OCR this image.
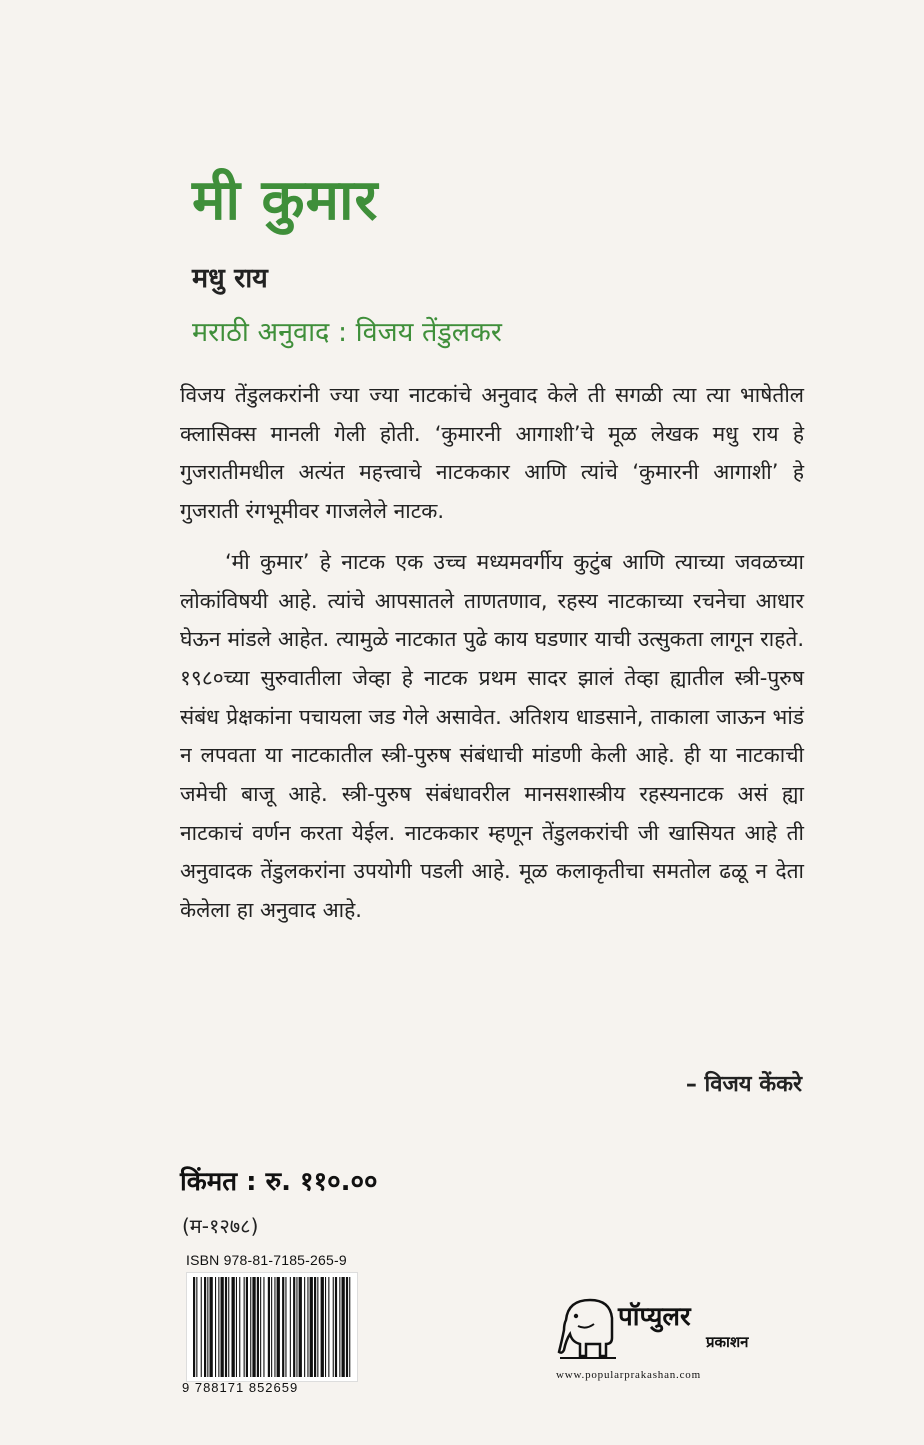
मी कुमार
मधु राय
मराठी अनुवाद : विजय तेंडुलकर

विजय तेंडुलकरांनी ज्या ज्या नाटकांचे अनुवाद केले ती सगळी त्या त्या भाषेतील क्लासिक्स मानली गेली होती. ‘कुमारनी आगाशी’चे मूळ लेखक मधु राय हे गुजरातीमधील अत्यंत महत्त्वाचे नाटककार आणि त्यांचे ‘कुमारनी आगाशी’ हे गुजराती रंगभूमीवर गाजलेले नाटक.

‘मी कुमार’ हे नाटक एक उच्च मध्यमवर्गीय कुटुंब आणि त्याच्या जवळच्या लोकांविषयी आहे. त्यांचे आपसातले ताणतणाव, रहस्य नाटकाच्या रचनेचा आधार घेऊन मांडले आहेत. त्यामुळे नाटकात पुढे काय घडणार याची उत्सुकता लागून राहते. १९८०च्या सुरुवातीला जेव्हा हे नाटक प्रथम सादर झालं तेव्हा ह्यातील स्त्री-पुरुष संबंध प्रेक्षकांना पचायला जड गेले असावेत. अतिशय धाडसाने, ताकाला जाऊन भांडं न लपवता या नाटकातील स्त्री-पुरुष संबंधाची मांडणी केली आहे. ही या नाटकाची जमेची बाजू आहे. स्त्री-पुरुष संबंधावरील मानसशास्त्रीय रहस्यनाटक असं ह्या नाटकाचं वर्णन करता येईल. नाटककार म्हणून तेंडुलकरांची जी खासियत आहे ती अनुवादक तेंडुलकरांना उपयोगी पडली आहे. मूळ कलाकृतीचा समतोल ढळू न देता केलेला हा अनुवाद आहे.

– विजय केंकरे
किंमत : रु. ११०.००
(म-१२७८)
ISBN 978-81-7185-265-9
9 788171 852659
पॉप्युलर
प्रकाशन
www.popularprakashan.com
